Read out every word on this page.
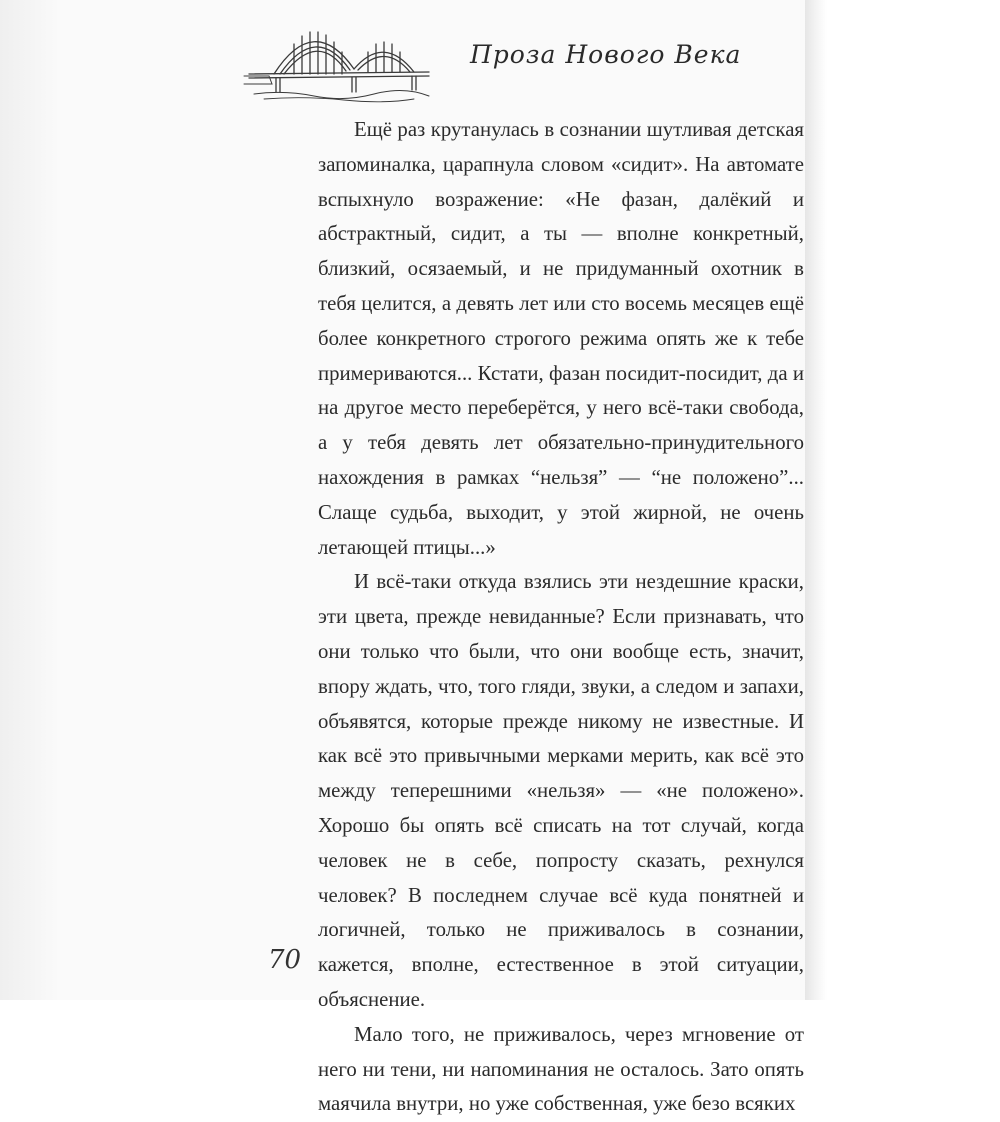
Проза Нового Века

Ещё раз крутанулась в сознании шутливая детская запоминалка, царапнула словом «сидит». На автомате вспыхнуло возражение: «Не фазан, далёкий и абстрактный, сидит, а ты — вполне конкретный, близкий, осязаемый, и не придуманный охотник в тебя целится, а девять лет или сто восемь месяцев ещё более конкретного строгого режима опять же к тебе примериваются... Кстати, фазан посидит-посидит, да и на другое место переберётся, у него всё-таки свобода, а у тебя девять лет обязательно-принудительного нахождения в рамках “нельзя” — “не положено”... Слаще судьба, выходит, у этой жирной, не очень летающей птицы...»

И всё-таки откуда взялись эти нездешние краски, эти цвета, прежде невиданные? Если признавать, что они только что были, что они вообще есть, значит, впору ждать, что, того гляди, звуки, а следом и запахи, объявятся, которые прежде никому не известные. И как всё это привычными мерками мерить, как всё это между теперешними «нельзя» — «не положено». Хорошо бы опять всё списать на тот случай, когда человек не в себе, попросту сказать, рехнулся человек? В последнем случае всё куда понятней и логичней, только не приживалось в сознании, кажется, вполне, естественное в этой ситуации, объяснение.

Мало того, не приживалось, через мгновение от него ни тени, ни напоминания не осталось. Зато опять маячила внутри, но уже собственная, уже безо всяких

70
